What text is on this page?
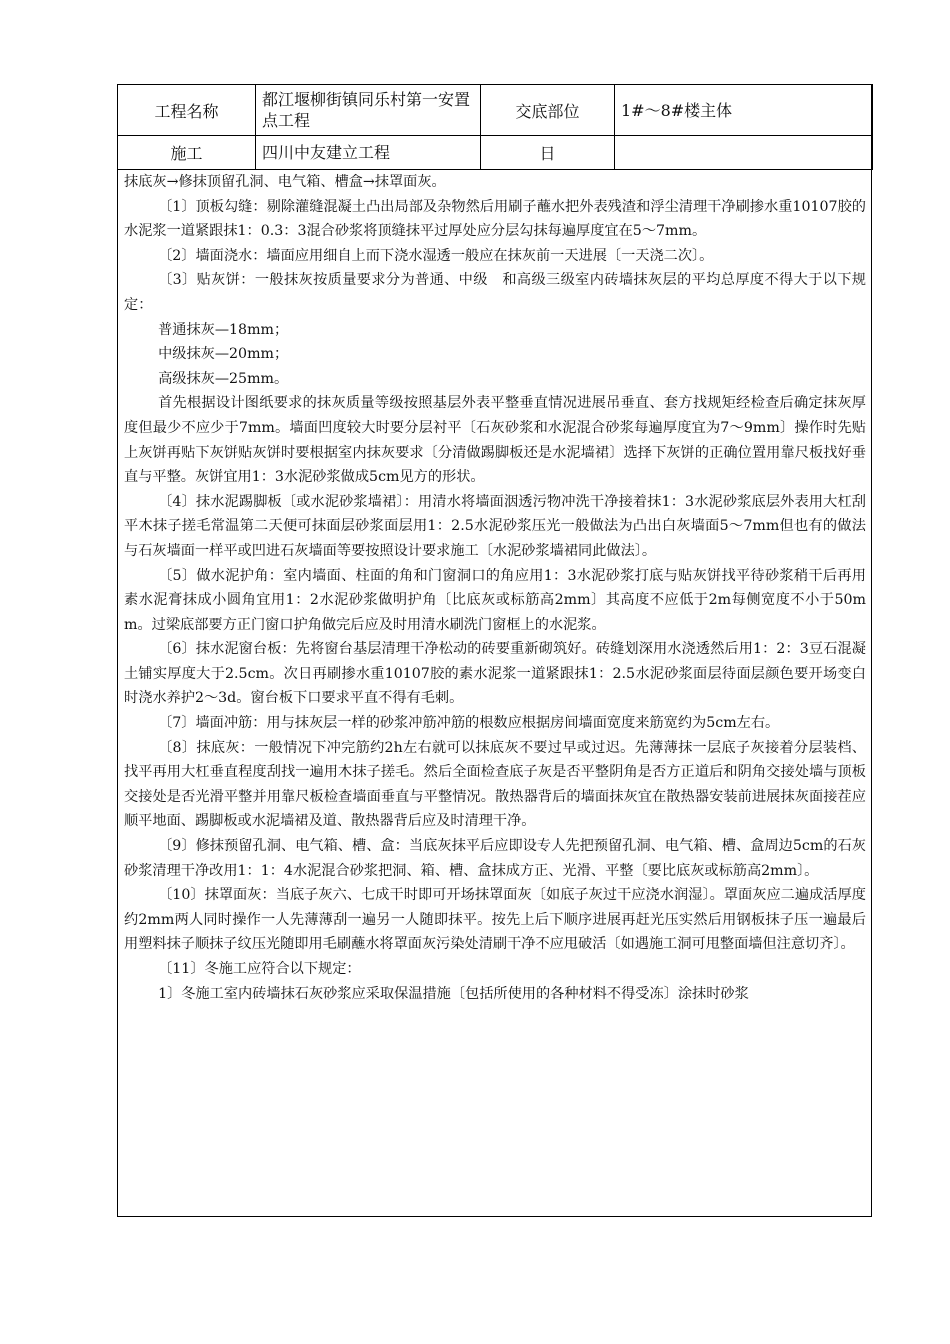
工程名称	都江堰柳街镇同乐村第一安置点工程	交底部位	1#～8#楼主体
施工	四川中友建立工程	日	

抹底灰→修抹顶留孔洞、电气箱、槽盒→抹罩面灰。

〔1〕顶板勾缝：剔除灌缝混凝土凸出局部及杂物然后用刷子蘸水把外表残渣和浮尘清理干净刷掺水重10107胶的水泥浆一道紧跟抹1：0.3：3混合砂浆将顶缝抹平过厚处应分层勾抹每遍厚度宜在5～7mm。

〔2〕墙面浇水：墙面应用细自上而下浇水湿透一般应在抹灰前一天进展〔一天浇二次〕。

〔3〕贴灰饼：一般抹灰按质量要求分为普通、中级　和高级三级室内砖墙抹灰层的平均总厚度不得大于以下规定：

普通抹灰—18mm；

中级抹灰—20mm；

高级抹灰—25mm。

首先根据设计图纸要求的抹灰质量等级按照基层外表平整垂直情况进展吊垂直、套方找规矩经检查后确定抹灰厚度但最少不应少于7mm。墙面凹度较大时要分层衬平〔石灰砂浆和水泥混合砂浆每遍厚度宜为7～9mm〕操作时先贴上灰饼再贴下灰饼贴灰饼时要根据室内抹灰要求〔分清做踢脚板还是水泥墙裙〕选择下灰饼的正确位置用靠尺板找好垂直与平整。灰饼宜用1：3水泥砂浆做成5cm见方的形状。

〔4〕抹水泥踢脚板〔或水泥砂浆墙裙〕：用清水将墙面洇透污物冲洗干净接着抹1：3水泥砂浆底层外表用大杠刮平木抹子搓毛常温第二天便可抹面层砂浆面层用1：2.5水泥砂浆压光一般做法为凸出白灰墙面5～7mm但也有的做法与石灰墙面一样平或凹进石灰墙面等要按照设计要求施工〔水泥砂浆墙裙同此做法〕。

〔5〕做水泥护角：室内墙面、柱面的角和门窗洞口的角应用1：3水泥砂浆打底与贴灰饼找平待砂浆稍干后再用素水泥膏抹成小圆角宜用1：2水泥砂浆做明护角〔比底灰或标筋高2mm〕其高度不应低于2m每侧宽度不小于50mm。过梁底部要方正门窗口护角做完后应及时用清水刷洗门窗框上的水泥浆。

〔6〕抹水泥窗台板：先将窗台基层清理干净松动的砖要重新砌筑好。砖缝划深用水浇透然后用1：2：3豆石混凝土铺实厚度大于2.5cm。次日再刷掺水重10107胶的素水泥浆一道紧跟抹1：2.5水泥砂浆面层待面层颜色要开场变白时浇水养护2～3d。窗台板下口要求平直不得有毛刺。

〔7〕墙面冲筋：用与抹灰层一样的砂浆冲筋冲筋的根数应根据房间墙面宽度来筋宽约为5cm左右。

〔8〕抹底灰：一般情况下冲完筋约2h左右就可以抹底灰不要过早或过迟。先薄薄抹一层底子灰接着分层装档、找平再用大杠垂直程度刮找一遍用木抹子搓毛。然后全面检查底子灰是否平整阴角是否方正道后和阴角交接处墙与顶板交接处是否光滑平整并用靠尺板检查墙面垂直与平整情况。散热器背后的墙面抹灰宜在散热器安装前进展抹灰面接茬应顺平地面、踢脚板或水泥墙裙及道、散热器背后应及时清理干净。

〔9〕修抹预留孔洞、电气箱、槽、盒：当底灰抹平后应即设专人先把预留孔洞、电气箱、槽、盒周边5cm的石灰砂浆清理干净改用1：1：4水泥混合砂浆把洞、箱、槽、盒抹成方正、光滑、平整〔要比底灰或标筋高2mm〕。

〔10〕抹罩面灰：当底子灰六、七成干时即可开场抹罩面灰〔如底子灰过干应浇水润湿〕。罩面灰应二遍成活厚度约2mm两人同时操作一人先薄薄刮一遍另一人随即抹平。按先上后下顺序进展再赶光压实然后用钢板抹子压一遍最后用塑料抹子顺抹子纹压光随即用毛刷蘸水将罩面灰污染处清刷干净不应甩破活〔如遇施工洞可甩整面墙但注意切齐〕。

〔11〕冬施工应符合以下规定：

1〕冬施工室内砖墙抹石灰砂浆应采取保温措施〔包括所使用的各种材料不得受冻〕涂抹时砂浆
